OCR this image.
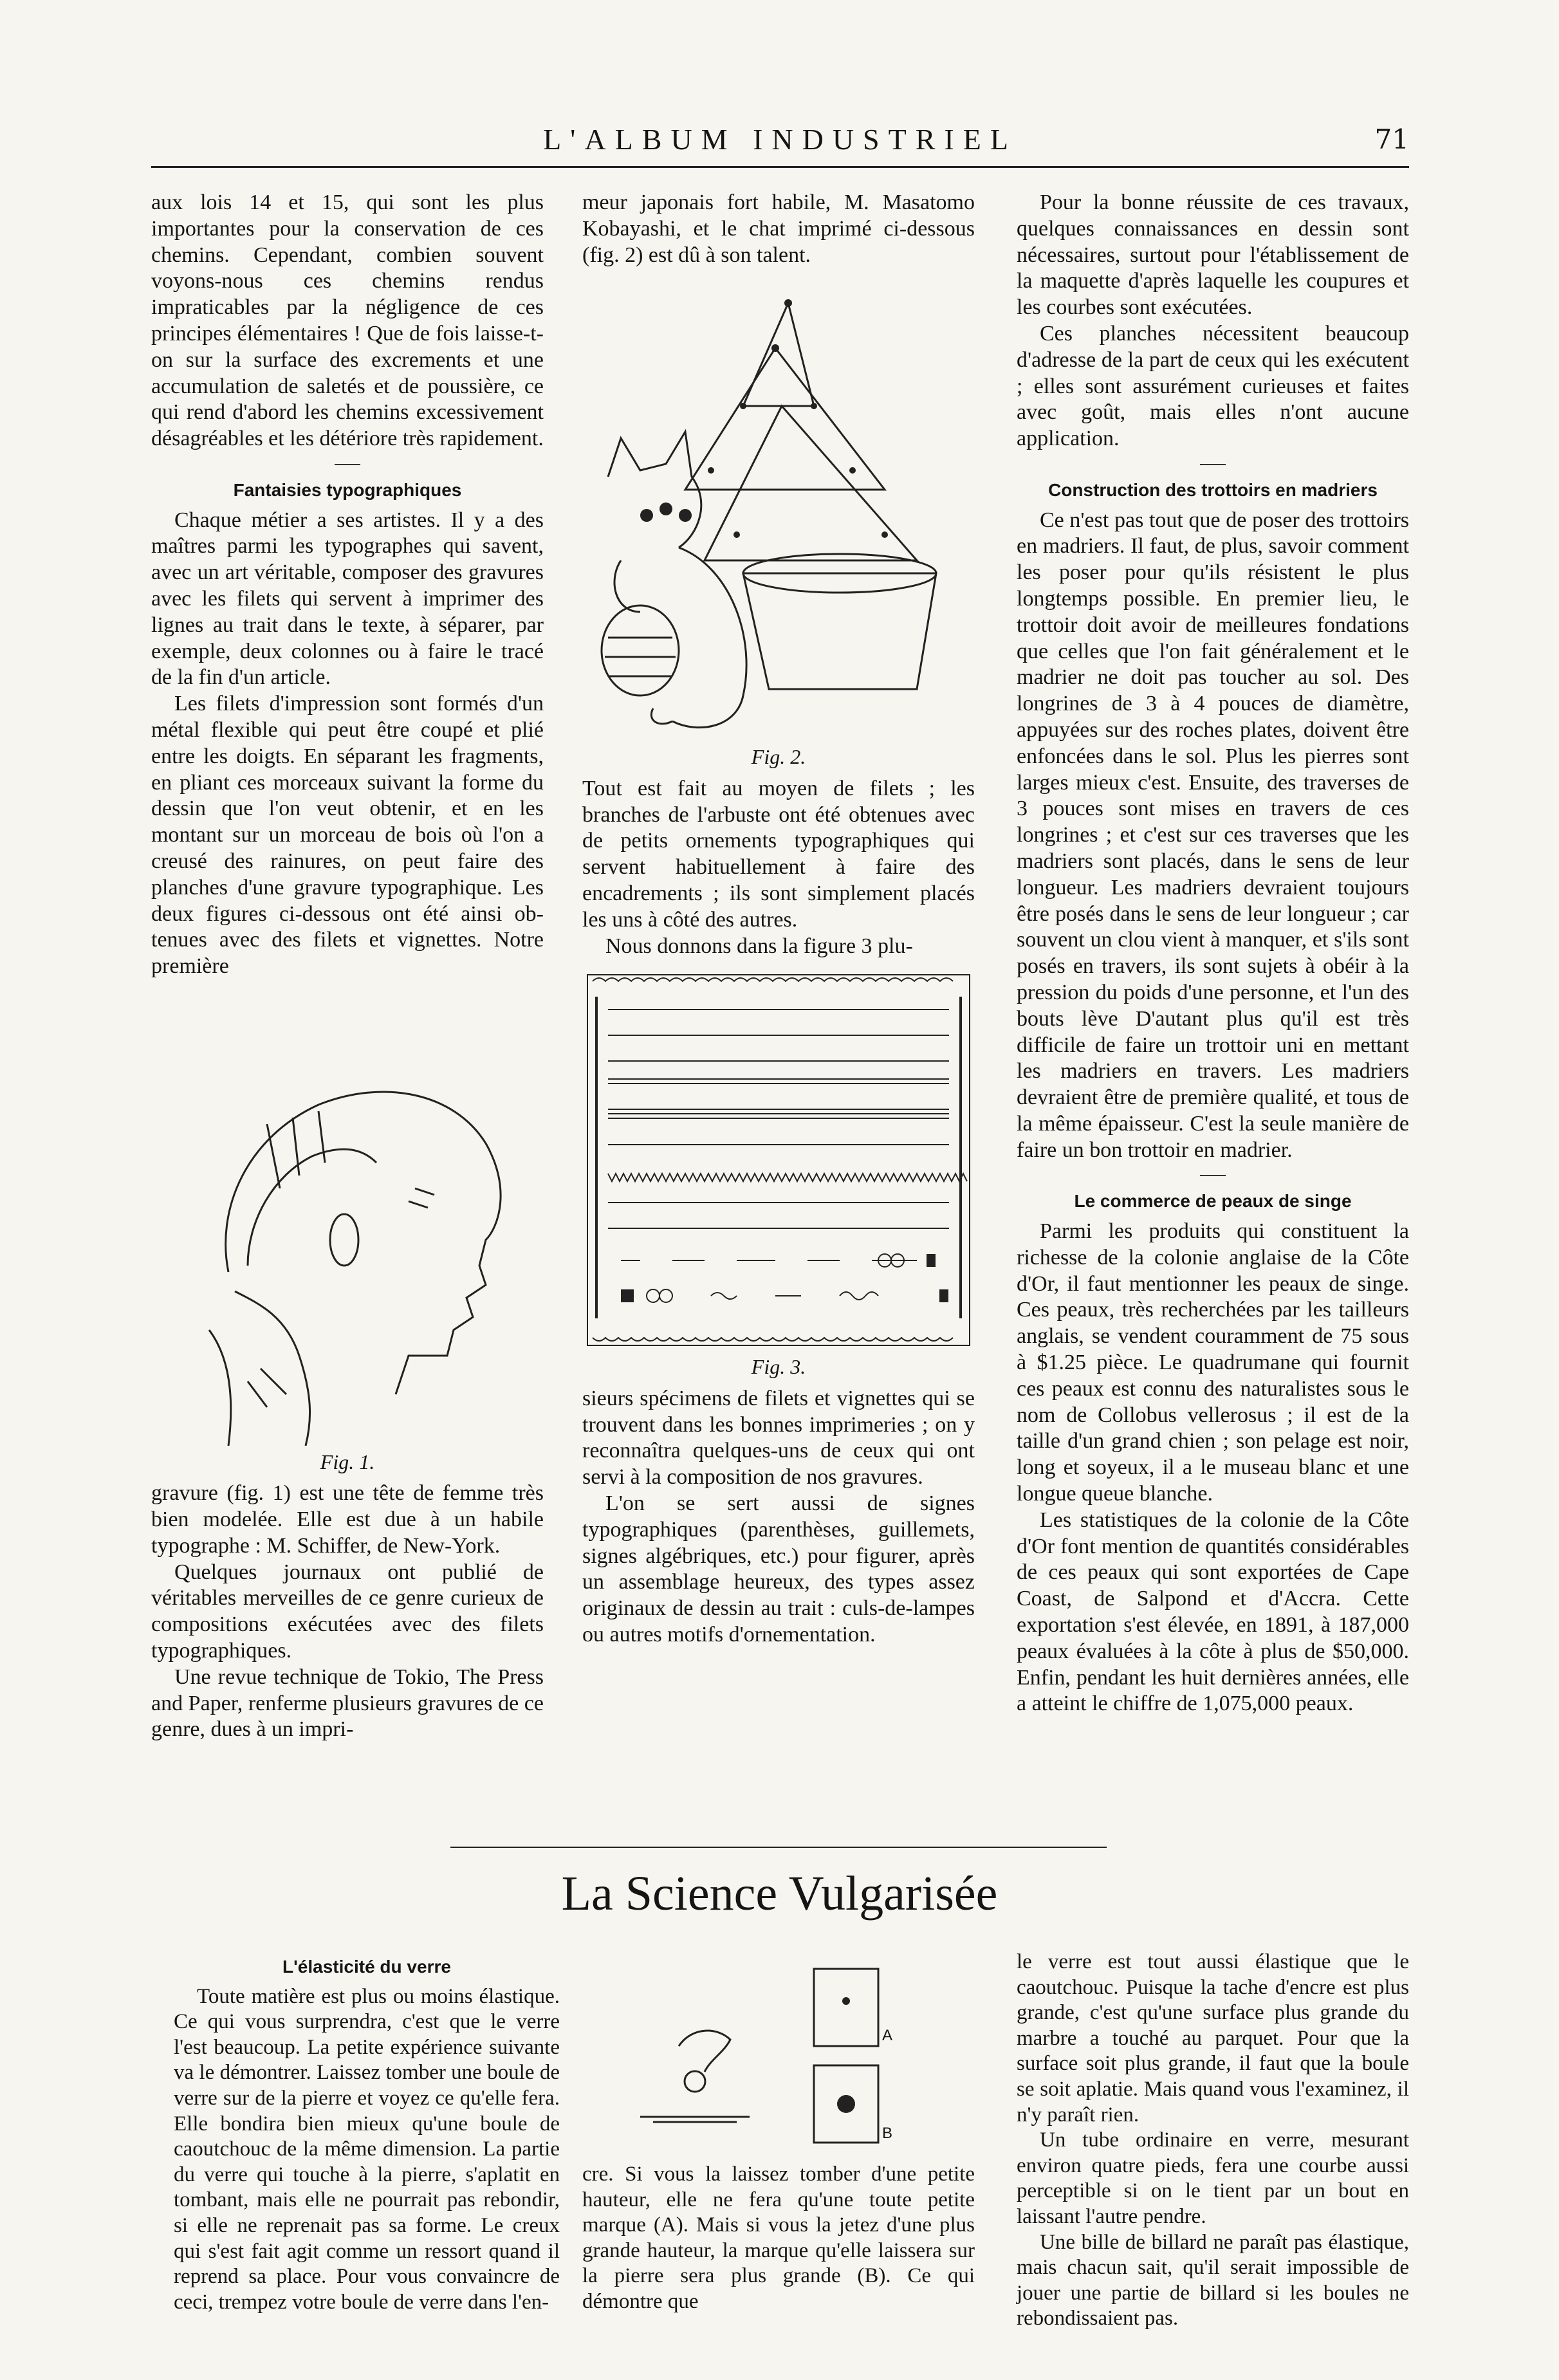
L'ALBUM INDUSTRIEL	71

aux lois 14 et 15, qui sont les plus importantes pour la conservation de ces chemins. Cependant, combien souvent voyons-nous ces chemins rendus impraticables par la négligence de ces principes élémentaires ! Que de fois laisse-t-on sur la surface des excrements et une accumulation de saletés et de poussière, ce qui rend d'abord les chemins excessivement désagréables et les détériore très rapidement.

Fantaisies typographiques

Chaque métier a ses artistes. Il y a des maîtres parmi les typographes qui savent, avec un art véritable, composer des gravures avec les filets qui servent à imprimer des lignes au trait dans le texte, à séparer, par exemple, deux colonnes ou à faire le tracé de la fin d'un article.

Les filets d'impression sont formés d'un métal flexible qui peut être coupé et plié entre les doigts. En séparant les fragments, en pliant ces morceaux suivant la forme du dessin que l'on veut obtenir, et en les montant sur un morceau de bois où l'on a creusé des rainures, on peut faire des planches d'une gravure typographique. Les deux figures ci-dessous ont été ainsi ob-tenues avec des filets et vignettes. Notre première

Fig. 1.

gravure (fig. 1) est une tête de femme très bien modelée. Elle est due à un habile typographe : M. Schiffer, de New-York.

Quelques journaux ont publié de véritables merveilles de ce genre curieux de compositions exécutées avec des filets typographiques.

Une revue technique de Tokio, The Press and Paper, renferme plusieurs gravures de ce genre, dues à un impri-

meur japonais fort habile, M. Masatomo Kobayashi, et le chat imprimé ci-dessous (fig. 2) est dû à son talent.

Fig. 2.

Tout est fait au moyen de filets ; les branches de l'arbuste ont été obtenues avec de petits ornements typographiques qui servent habituellement à faire des encadrements ; ils sont simplement placés les uns à côté des autres.

Nous donnons dans la figure 3 plu-

Fig. 3.

sieurs spécimens de filets et vignettes qui se trouvent dans les bonnes imprimeries ; on y reconnaîtra quelques-uns de ceux qui ont servi à la composition de nos gravures.

L'on se sert aussi de signes typographiques (parenthèses, guillemets, signes algébriques, etc.) pour figurer, après un assemblage heureux, des types assez originaux de dessin au trait : culs-de-lampes ou autres motifs d'ornementation.

Pour la bonne réussite de ces travaux, quelques connaissances en dessin sont nécessaires, surtout pour l'établissement de la maquette d'après laquelle les coupures et les courbes sont exécutées.

Ces planches nécessitent beaucoup d'adresse de la part de ceux qui les exécutent ; elles sont assurément curieuses et faites avec goût, mais elles n'ont aucune application.

Construction des trottoirs en madriers

Ce n'est pas tout que de poser des trottoirs en madriers. Il faut, de plus, savoir comment les poser pour qu'ils résistent le plus longtemps possible. En premier lieu, le trottoir doit avoir de meilleures fondations que celles que l'on fait généralement et le madrier ne doit pas toucher au sol. Des longrines de 3 à 4 pouces de diamètre, appuyées sur des roches plates, doivent être enfoncées dans le sol. Plus les pierres sont larges mieux c'est. Ensuite, des traverses de 3 pouces sont mises en travers de ces longrines ; et c'est sur ces traverses que les madriers sont placés, dans le sens de leur longueur. Les madriers devraient toujours être posés dans le sens de leur longueur ; car souvent un clou vient à manquer, et s'ils sont posés en travers, ils sont sujets à obéir à la pression du poids d'une personne, et l'un des bouts lève D'autant plus qu'il est très difficile de faire un trottoir uni en mettant les madriers en travers. Les madriers devraient être de première qualité, et tous de la même épaisseur. C'est la seule manière de faire un bon trottoir en madrier.

Le commerce de peaux de singe

Parmi les produits qui constituent la richesse de la colonie anglaise de la Côte d'Or, il faut mentionner les peaux de singe. Ces peaux, très recherchées par les tailleurs anglais, se vendent couramment de 75 sous à $1.25 pièce. Le quadrumane qui fournit ces peaux est connu des naturalistes sous le nom de Collobus vellerosus ; il est de la taille d'un grand chien ; son pelage est noir, long et soyeux, il a le museau blanc et une longue queue blanche.

Les statistiques de la colonie de la Côte d'Or font mention de quantités considérables de ces peaux qui sont exportées de Cape Coast, de Salpond et d'Accra. Cette exportation s'est élevée, en 1891, à 187,000 peaux évaluées à la côte à plus de $50,000. Enfin, pendant les huit dernières années, elle a atteint le chiffre de 1,075,000 peaux.

La Science Vulgarisée
L'élasticité du verre

Toute matière est plus ou moins élastique. Ce qui vous surprendra, c'est que le verre l'est beaucoup. La petite expérience suivante va le démontrer. Laissez tomber une boule de verre sur de la pierre et voyez ce qu'elle fera. Elle bondira bien mieux qu'une boule de caoutchouc de la même dimension. La partie du verre qui touche à la pierre, s'aplatit en tombant, mais elle ne pourrait pas rebondir, si elle ne reprenait pas sa forme. Le creux qui s'est fait agit comme un ressort quand il reprend sa place. Pour vous convaincre de ceci, trempez votre boule de verre dans l'en-

A
B

cre. Si vous la laissez tomber d'une petite hauteur, elle ne fera qu'une toute petite marque (A). Mais si vous la jetez d'une plus grande hauteur, la marque qu'elle laissera sur la pierre sera plus grande (B). Ce qui démontre que

le verre est tout aussi élastique que le caoutchouc. Puisque la tache d'encre est plus grande, c'est qu'une surface plus grande du marbre a touché au parquet. Pour que la surface soit plus grande, il faut que la boule se soit aplatie. Mais quand vous l'examinez, il n'y paraît rien.

Un tube ordinaire en verre, mesurant environ quatre pieds, fera une courbe aussi perceptible si on le tient par un bout en laissant l'autre pendre.

Une bille de billard ne paraît pas élastique, mais chacun sait, qu'il serait impossible de jouer une partie de billard si les boules ne rebondissaient pas.
